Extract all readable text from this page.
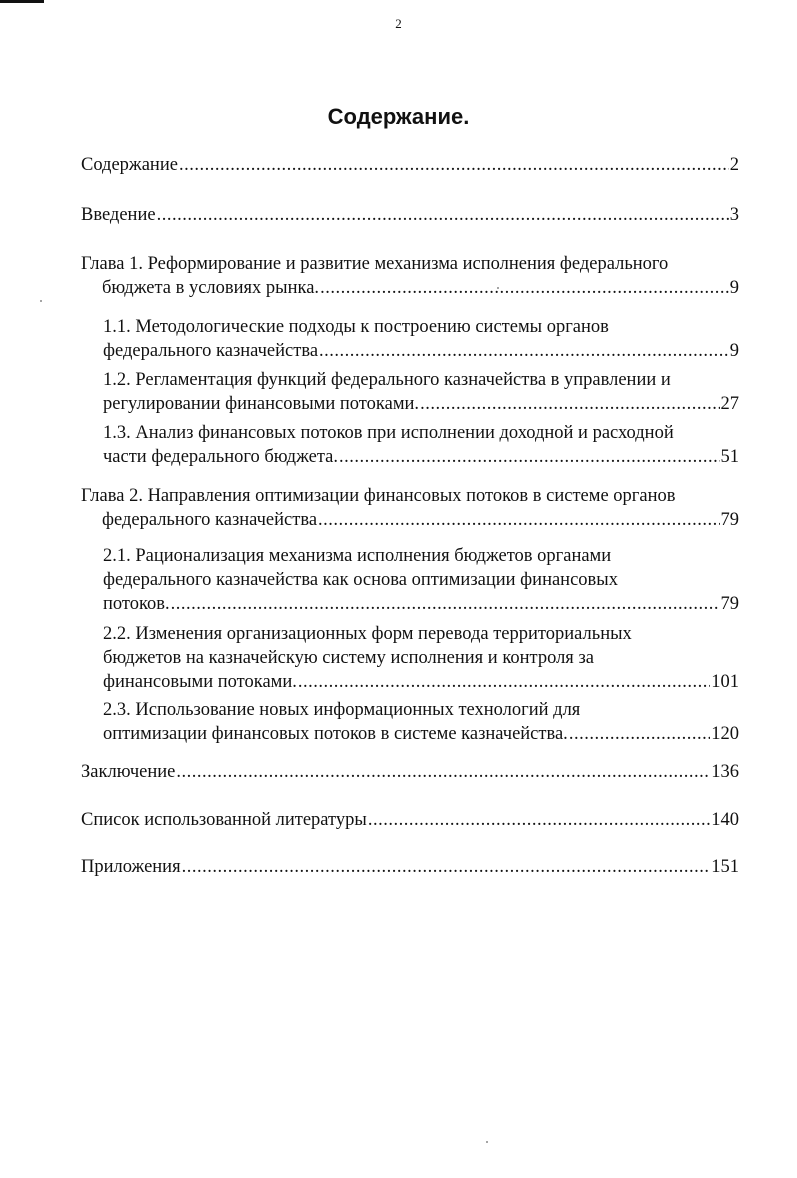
2
Содержание.
Содержание .....	2
Введение .....	3
Глава 1. Реформирование и развитие механизма исполнения федерального
бюджета в условиях рынка. .....	9
1.1. Методологические подходы к построению системы органов
федерального казначейства .....	9
1.2. Регламентация функций федерального казначейства в управлении и
регулировании финансовыми потоками. .....	27
1.3. Анализ финансовых потоков при исполнении доходной и расходной
части федерального бюджета. .....	51
Глава 2. Направления оптимизации финансовых потоков в системе органов
федерального казначейства .....	79
2.1. Рационализация механизма исполнения бюджетов органами
федерального казначейства как основа оптимизации финансовых
потоков. .....	79
2.2. Изменения организационных форм перевода территориальных
бюджетов на казначейскую систему исполнения и контроля за
финансовыми потоками. .....	101
2.3. Использование новых информационных технологий для
оптимизации финансовых потоков в системе казначейства. .....	120
Заключение .....	136
Список использованной литературы .....	140
Приложения .....	151
